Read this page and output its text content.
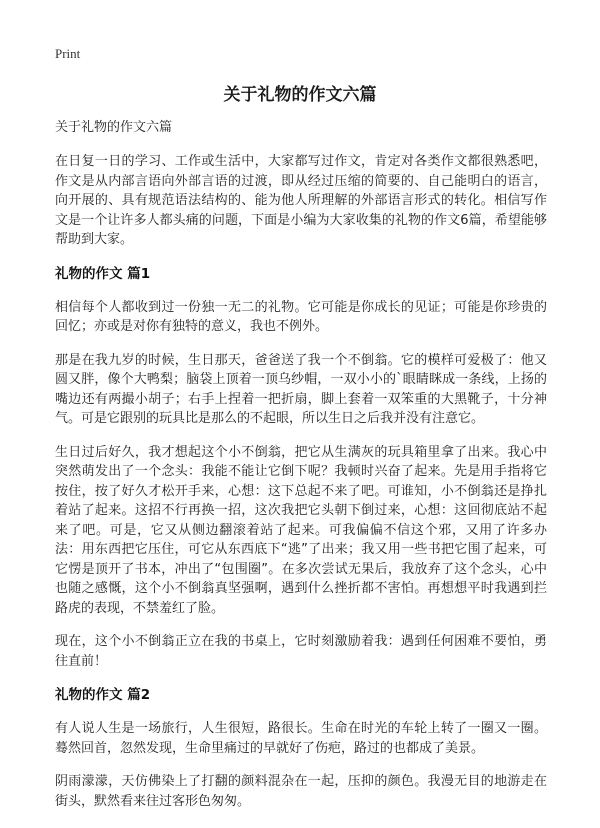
Print
关于礼物的作文六篇

关于礼物的作文六篇

在日复一日的学习、工作或生活中，大家都写过作文，肯定对各类作文都很熟悉吧，作文是从内部言语向外部言语的过渡，即从经过压缩的简要的、自己能明白的语言，向开展的、具有规范语法结构的、能为他人所理解的外部语言形式的转化。相信写作文是一个让许多人都头痛的问题，下面是小编为大家收集的礼物的作文6篇，希望能够帮助到大家。

礼物的作文 篇1

相信每个人都收到过一份独一无二的礼物。它可能是你成长的见证；可能是你珍贵的回忆；亦或是对你有独特的意义，我也不例外。

那是在我九岁的时候，生日那天，爸爸送了我一个不倒翁。它的模样可爱极了：他又圆又胖，像个大鸭梨；脑袋上顶着一顶乌纱帽，一双小小的`眼睛眯成一条线，上扬的嘴边还有两撮小胡子；右手上捏着一把折扇，脚上套着一双笨重的大黑靴子，十分神气。可是它跟别的玩具比是那么的不起眼，所以生日之后我并没有注意它。

生日过后好久，我才想起这个小不倒翁，把它从生满灰的玩具箱里拿了出来。我心中突然萌发出了一个念头：我能不能让它倒下呢？我顿时兴奋了起来。先是用手指将它按住，按了好久才松开手来，心想：这下总起不来了吧。可谁知，小不倒翁还是挣扎着站了起来。这招不行再换一招，这次我把它头朝下倒过来，心想：这回彻底站不起来了吧。可是，它又从侧边翻滚着站了起来。可我偏偏不信这个邪，又用了许多办法：用东西把它压住，可它从东西底下“逃”了出来；我又用一些书把它围了起来，可它愣是顶开了书本，冲出了“包围圈”。在多次尝试无果后，我放弃了这个念头，心中也随之感慨，这个小不倒翁真坚强啊，遇到什么挫折都不害怕。再想想平时我遇到拦路虎的表现，不禁羞红了脸。

现在，这个小不倒翁正立在我的书桌上，它时刻激励着我：遇到任何困难不要怕，勇往直前！

礼物的作文 篇2

有人说人生是一场旅行，人生很短，路很长。生命在时光的车轮上转了一圈又一圈。蓦然回首，忽然发现，生命里痛过的早就好了伤疤，路过的也都成了美景。

阴雨濛濛，天仿佛染上了打翻的颜料混杂在一起，压抑的颜色。我漫无目的地游走在街头，默然看来往过客形色匆匆。
